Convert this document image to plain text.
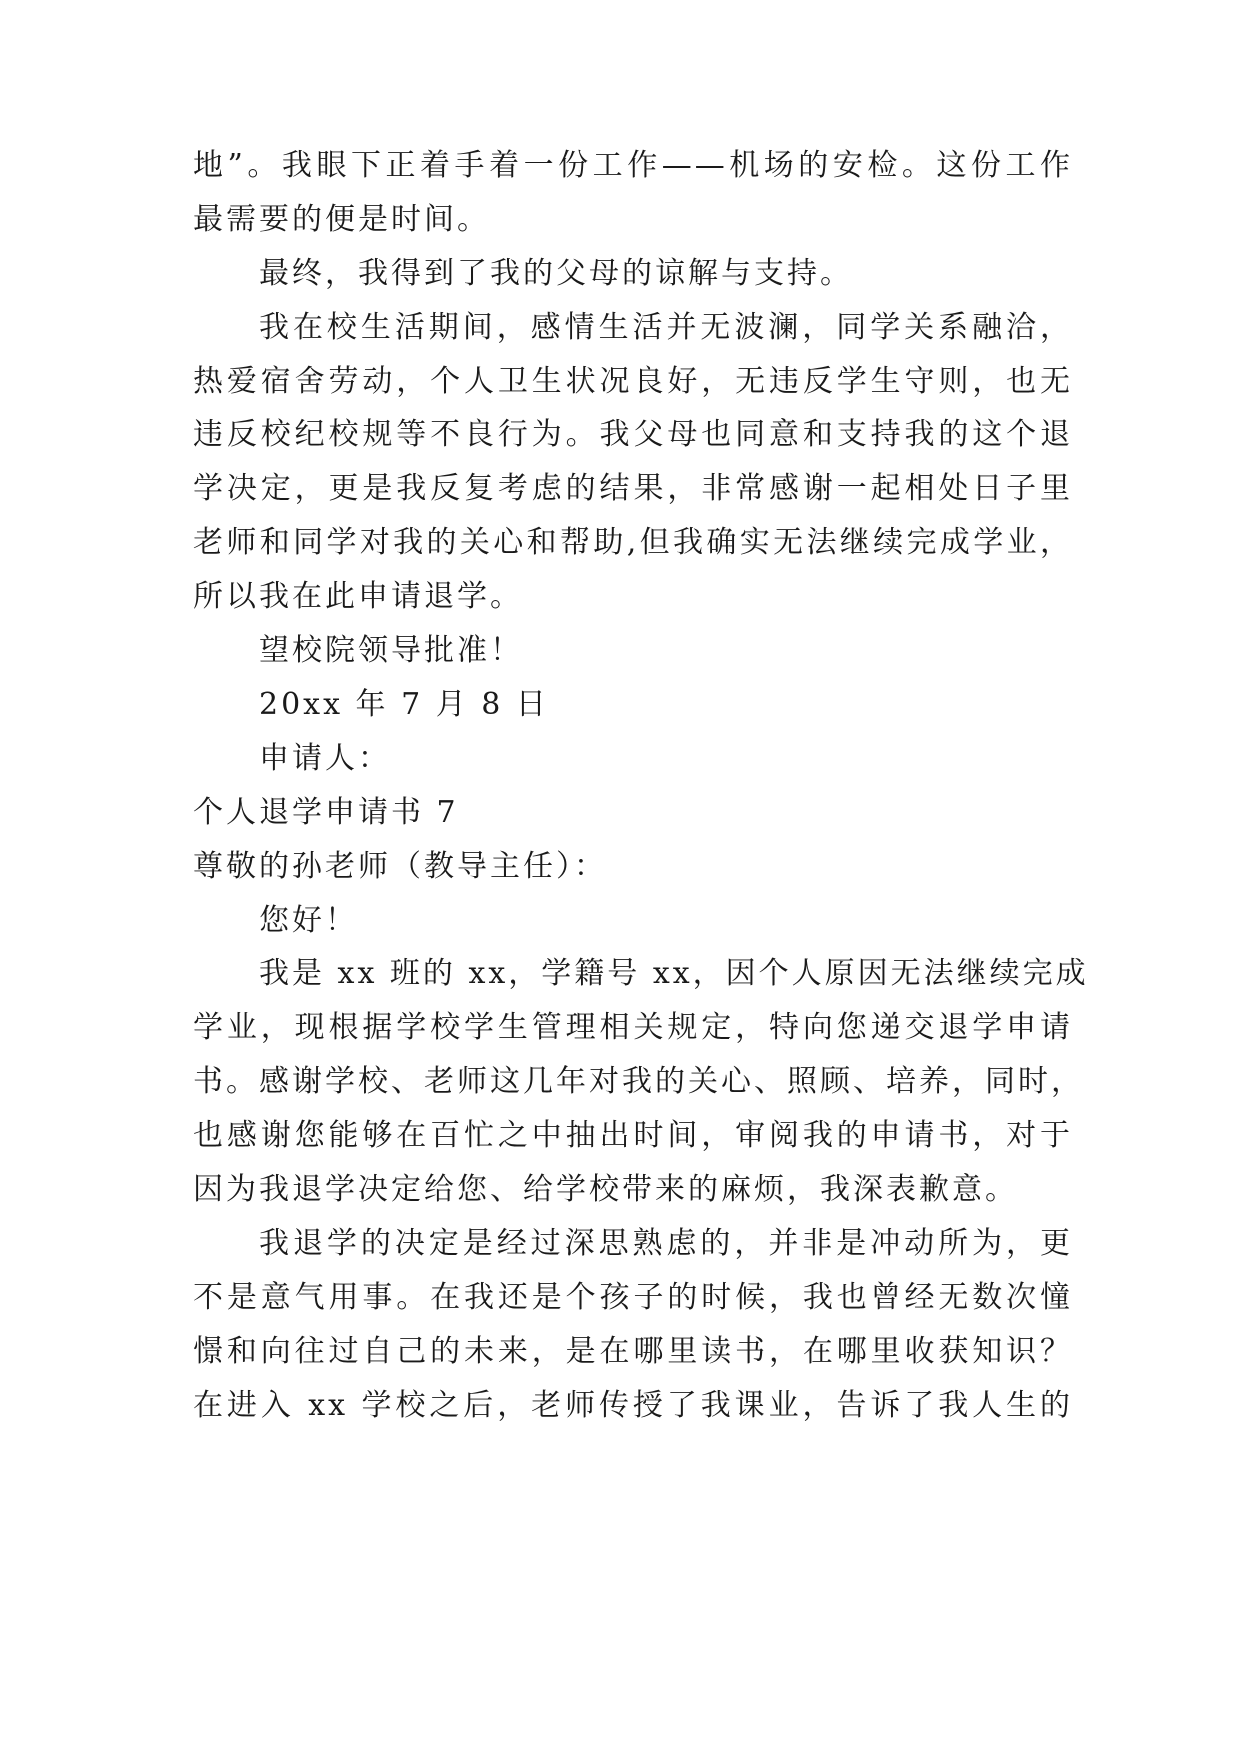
地”。我眼下正着手着一份工作——机场的安检。这份工作
最需要的便是时间。
最终，我得到了我的父母的谅解与支持。
我在校生活期间，感情生活并无波澜，同学关系融洽，
热爱宿舍劳动，个人卫生状况良好，无违反学生守则，也无
违反校纪校规等不良行为。我父母也同意和支持我的这个退
学决定，更是我反复考虑的结果，非常感谢一起相处日子里
老师和同学对我的关心和帮助,但我确实无法继续完成学业，
所以我在此申请退学。
望校院领导批准！
20xx 年 7 月 8 日
申请人：
个人退学申请书 7
尊敬的孙老师（教导主任）：
您好！
我是 xx 班的 xx，学籍号 xx，因个人原因无法继续完成
学业，现根据学校学生管理相关规定，特向您递交退学申请
书。感谢学校、老师这几年对我的关心、照顾、培养，同时，
也感谢您能够在百忙之中抽出时间，审阅我的申请书，对于
因为我退学决定给您、给学校带来的麻烦，我深表歉意。
我退学的决定是经过深思熟虑的，并非是冲动所为，更
不是意气用事。在我还是个孩子的时候，我也曾经无数次憧
憬和向往过自己的未来，是在哪里读书，在哪里收获知识？
在进入 xx 学校之后，老师传授了我课业，告诉了我人生的
